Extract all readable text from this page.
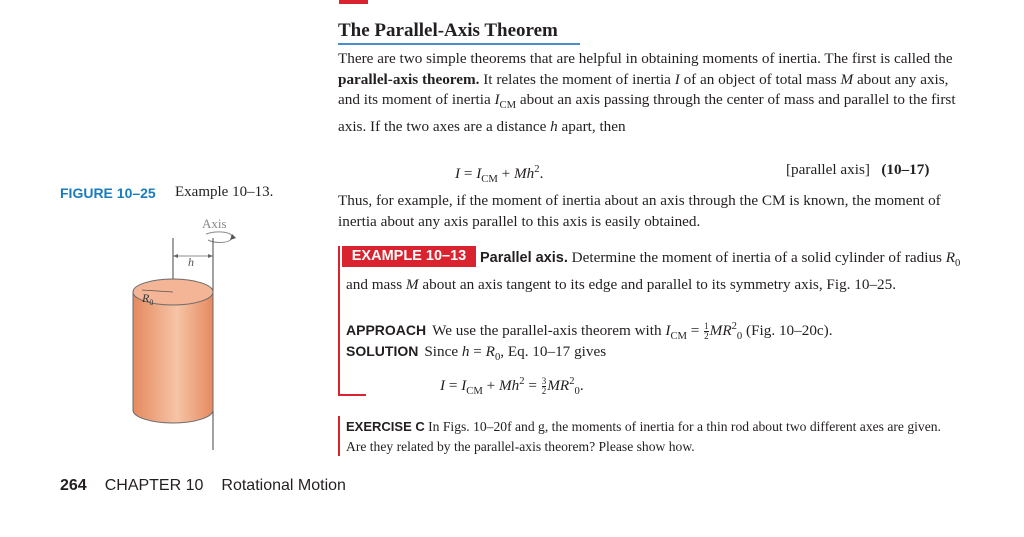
The Parallel-Axis Theorem
There are two simple theorems that are helpful in obtaining moments of inertia. The first is called the parallel-axis theorem. It relates the moment of inertia I of an object of total mass M about any axis, and its moment of inertia $I_{CM}$ about an axis passing through the center of mass and parallel to the first axis. If the two axes are a distance h apart, then
$I = I_{CM} + Mh^2$.	[parallel axis] (10–17)
Thus, for example, if the moment of inertia about an axis through the CM is known, the moment of inertia about any axis parallel to this axis is easily obtained.
FIGURE 10–25 Example 10–13.
Axis
h
$R_0$
EXAMPLE 10–13 Parallel axis. Determine the moment of inertia of a solid cylinder of radius $R_0$ and mass M about an axis tangent to its edge and parallel to its symmetry axis, Fig. 10–25.
APPROACH We use the parallel-axis theorem with $I_{CM} = \frac{1}{2} MR^2_0$ (Fig. 10–20c).
SOLUTION Since $h = R_0$, Eq. 10–17 gives
$I = I_{CM} + Mh^2 = \frac{3}{2} MR^2_0$.
EXERCISE C In Figs. 10–20f and g, the moments of inertia for a thin rod about two different axes are given. Are they related by the parallel-axis theorem? Please show how.
264 CHAPTER 10 Rotational Motion
